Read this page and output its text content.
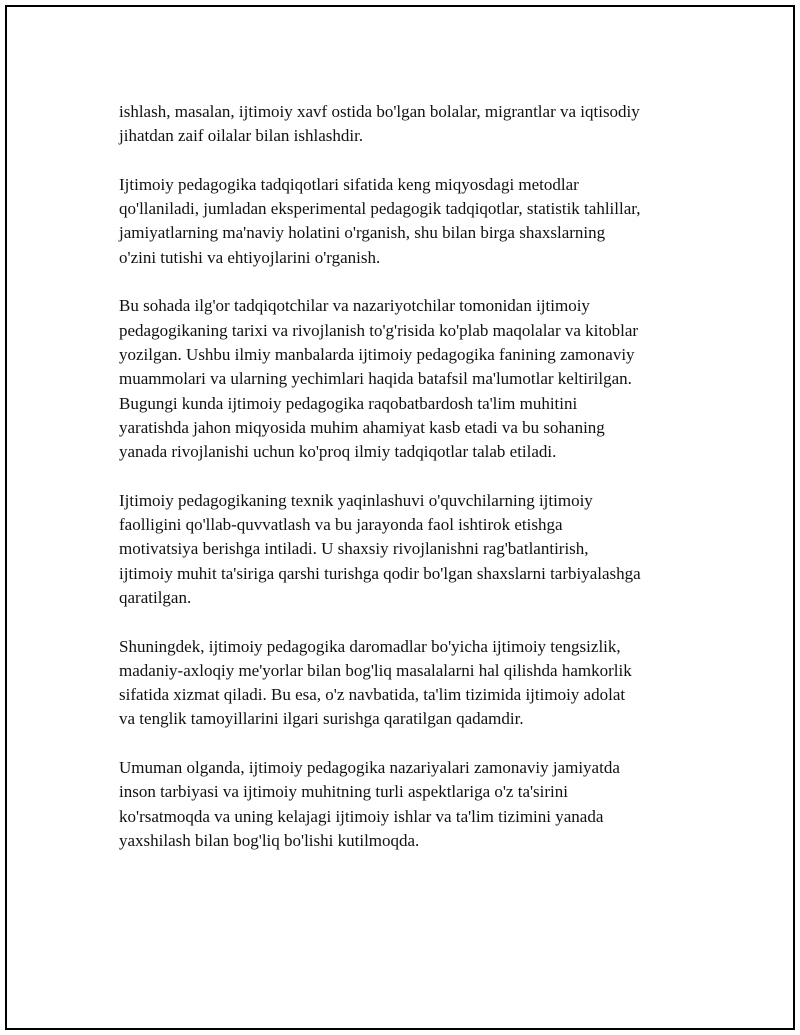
ishlash, masalan, ijtimoiy xavf ostida bo'lgan bolalar, migrantlar va iqtisodiy
jihatdan zaif oilalar bilan ishlashdir.

Ijtimoiy pedagogika tadqiqotlari sifatida keng miqyosdagi metodlar
qo'llaniladi, jumladan eksperimental pedagogik tadqiqotlar, statistik tahlillar,
jamiyatlarning ma'naviy holatini o'rganish, shu bilan birga shaxslarning
o'zini tutishi va ehtiyojlarini o'rganish.

Bu sohada ilg'or tadqiqotchilar va nazariyotchilar tomonidan ijtimoiy
pedagogikaning tarixi va rivojlanish to'g'risida ko'plab maqolalar va kitoblar
yozilgan. Ushbu ilmiy manbalarda ijtimoiy pedagogika fanining zamonaviy
muammolari va ularning yechimlari haqida batafsil ma'lumotlar keltirilgan.
Bugungi kunda ijtimoiy pedagogika raqobatbardosh ta'lim muhitini
yaratishda jahon miqyosida muhim ahamiyat kasb etadi va bu sohaning
yanada rivojlanishi uchun ko'proq ilmiy tadqiqotlar talab etiladi.

Ijtimoiy pedagogikaning texnik yaqinlashuvi o'quvchilarning ijtimoiy
faolligini qo'llab-quvvatlash va bu jarayonda faol ishtirok etishga
motivatsiya berishga intiladi. U shaxsiy rivojlanishni rag'batlantirish,
ijtimoiy muhit ta'siriga qarshi turishga qodir bo'lgan shaxslarni tarbiyalashga
qaratilgan.

Shuningdek, ijtimoiy pedagogika daromadlar bo'yicha ijtimoiy tengsizlik,
madaniy-axloqiy me'yorlar bilan bog'liq masalalarni hal qilishda hamkorlik
sifatida xizmat qiladi. Bu esa, o'z navbatida, ta'lim tizimida ijtimoiy adolat
va tenglik tamoyillarini ilgari surishga qaratilgan qadamdir.

Umuman olganda, ijtimoiy pedagogika nazariyalari zamonaviy jamiyatda
inson tarbiyasi va ijtimoiy muhitning turli aspektlariga o'z ta'sirini
ko'rsatmoqda va uning kelajagi ijtimoiy ishlar va ta'lim tizimini yanada
yaxshilash bilan bog'liq bo'lishi kutilmoqda.
